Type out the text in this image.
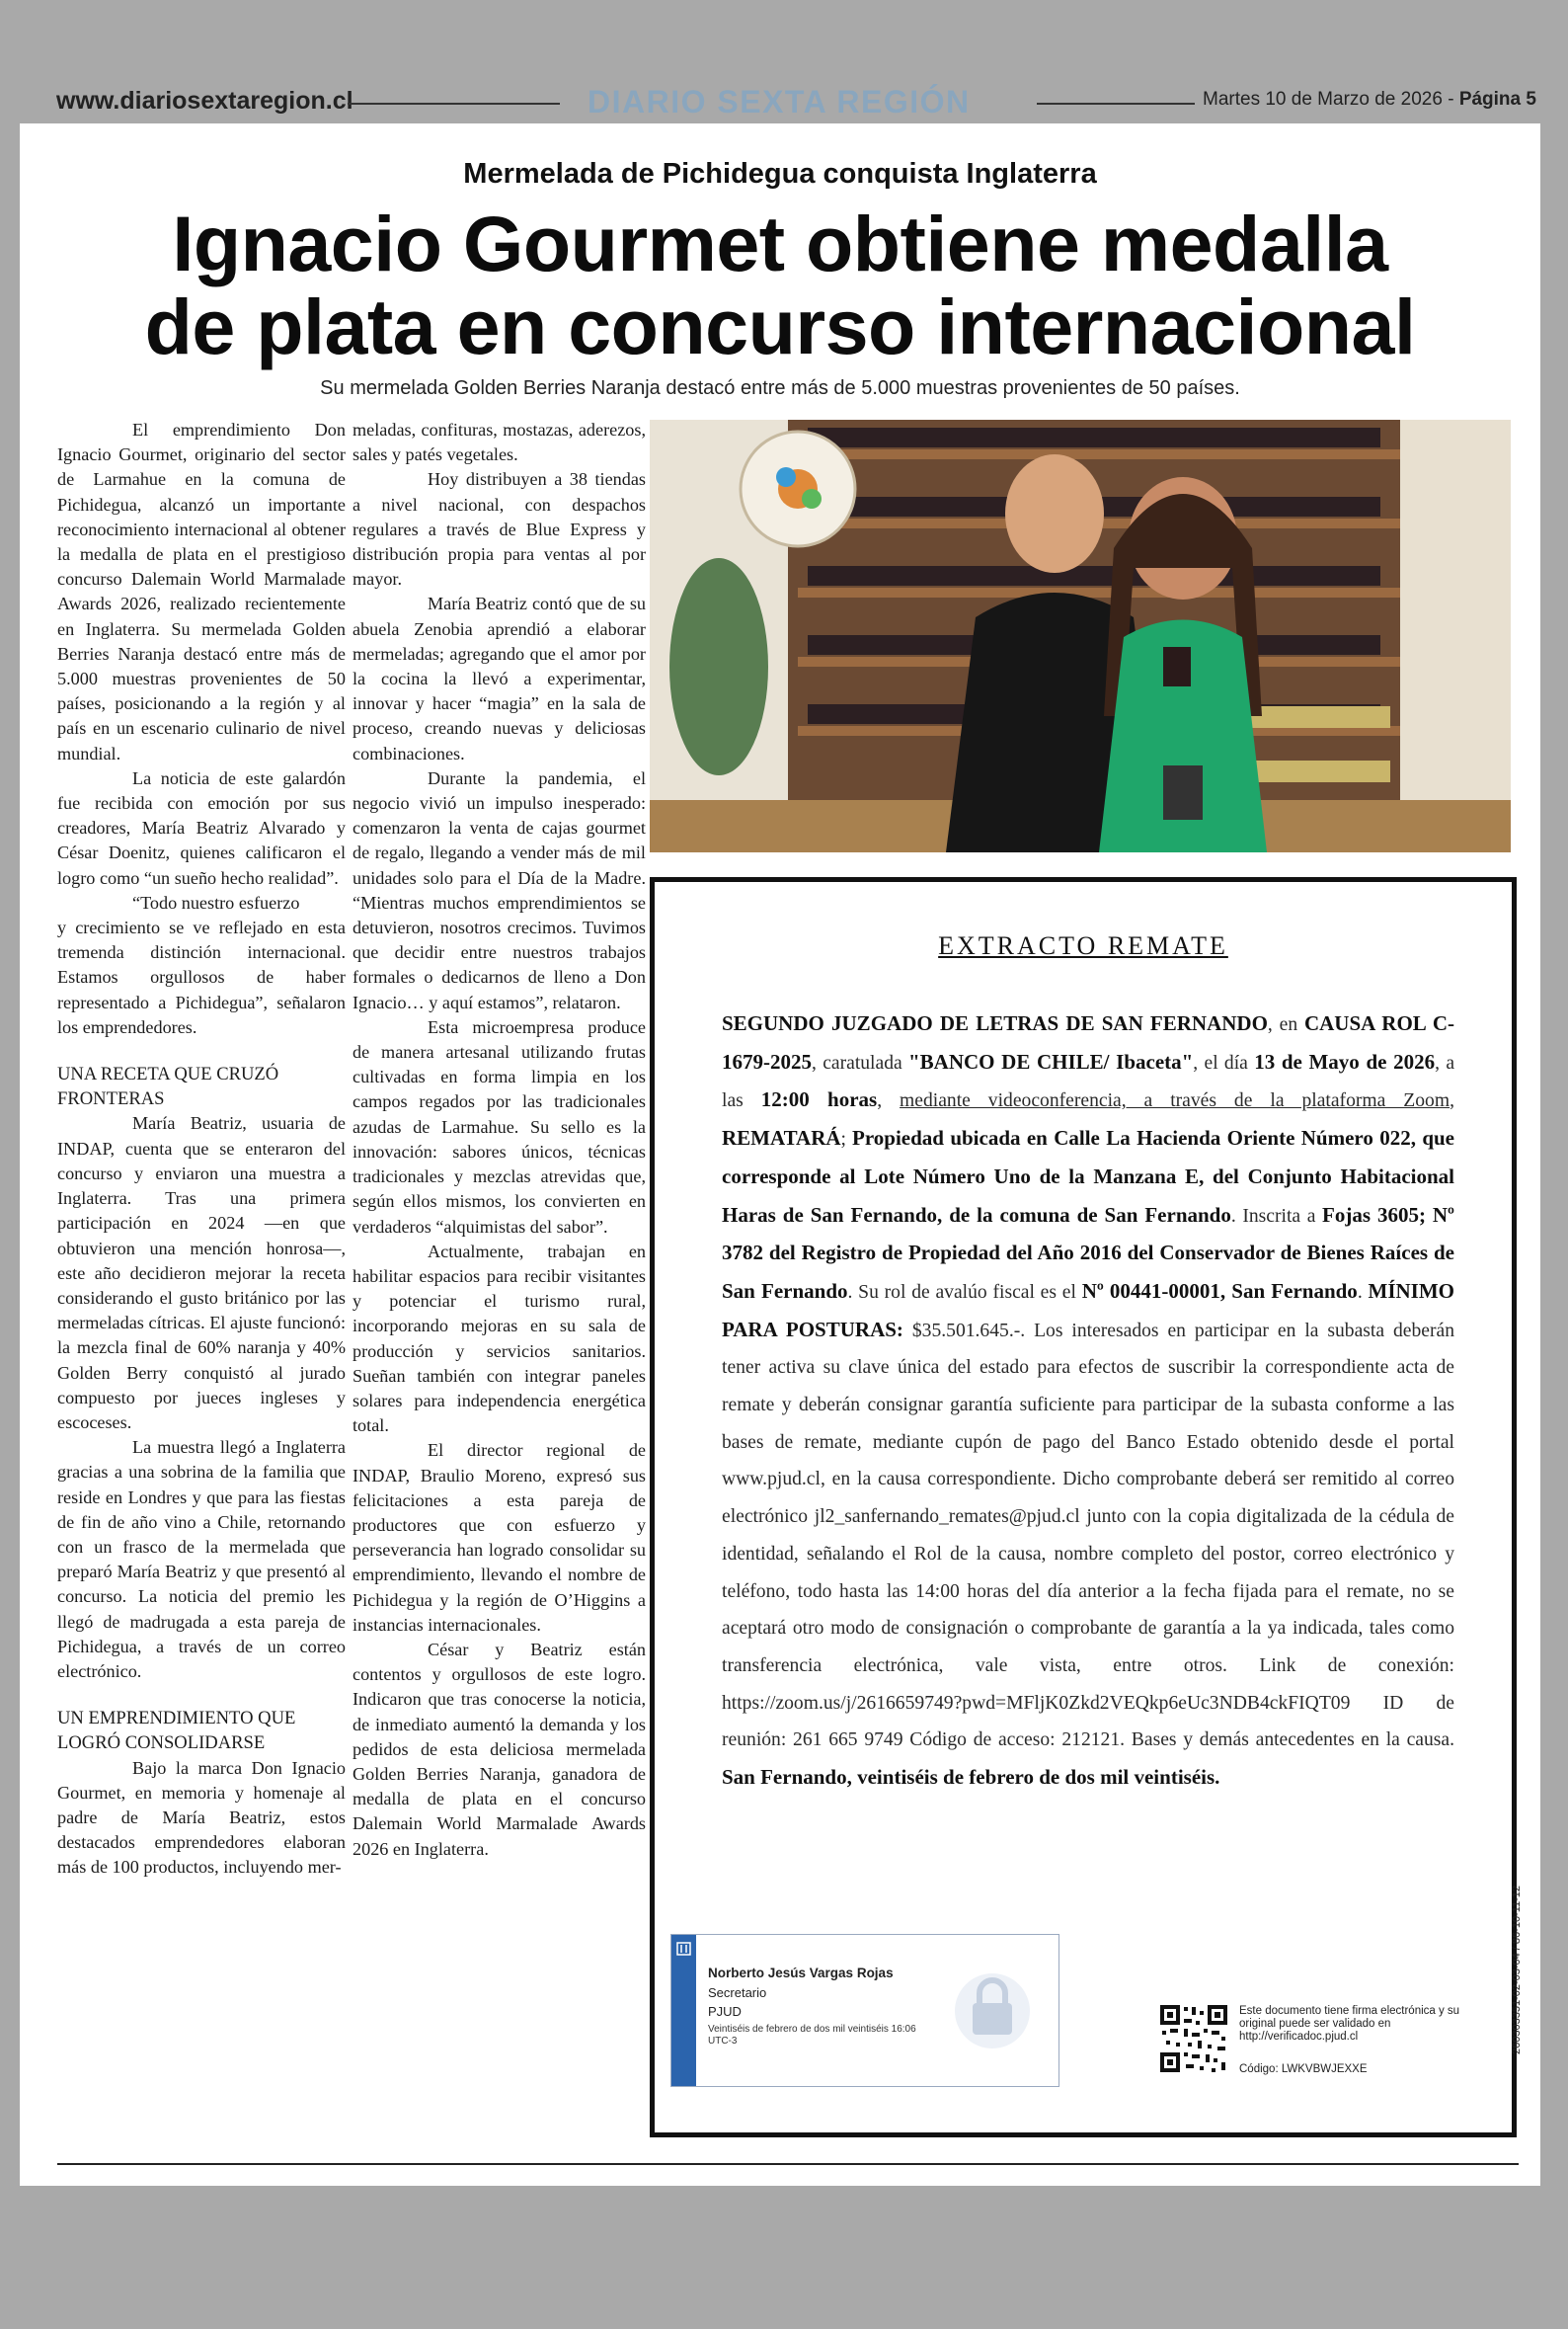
www.diariosextaregion.cl	DIARIO SEXTA REGIÓN	Martes 10 de Marzo de 2026 - Página 5
Mermelada de Pichidegua conquista Inglaterra
Ignacio Gourmet obtiene medalla
de plata en concurso internacional
Su mermelada Golden Berries Naranja destacó entre más de 5.000 muestras provenientes de 50 países.

El emprendimiento Don Ignacio Gourmet, originario del sector de Larmahue en la comuna de Pichidegua, alcanzó un importante reconocimiento internacional al obtener la medalla de plata en el prestigioso concurso Dalemain World Marmalade Awards 2026, realizado recientemente en Inglaterra. Su mermelada Golden Berries Naranja destacó entre más de 5.000 muestras provenientes de 50 países, posicionando a la región y al país en un escenario culinario de nivel mundial.

La noticia de este galardón fue recibida con emoción por sus creadores, María Beatriz Alvarado y César Doenitz, quienes calificaron el logro como “un sueño hecho realidad”.

“Todo nuestro esfuerzo

y crecimiento se ve reflejado en esta tremenda distinción internacional. Estamos orgullosos de haber representado a Pichidegua”, señalaron los emprendedores.

UNA RECETA QUE CRUZÓ FRONTERAS

María Beatriz, usuaria de INDAP, cuenta que se enteraron del concurso y enviaron una muestra a Inglaterra. Tras una primera participación en 2024 —en que obtuvieron una mención honrosa—, este año decidieron mejorar la receta considerando el gusto británico por las mermeladas cítricas. El ajuste funcionó: la mezcla final de 60% naranja y 40% Golden Berry conquistó al jurado compuesto por jueces ingleses y escoceses.

La muestra llegó a Inglaterra gracias a una sobrina de la familia que reside en Londres y que para las fiestas de fin de año vino a Chile, retornando con un frasco de la mermelada que preparó María Beatriz y que presentó al concurso. La noticia del premio les llegó de madrugada a esta pareja de Pichidegua, a través de un correo electrónico.

UN EMPRENDIMIENTO QUE LOGRÓ CONSOLIDARSE

Bajo la marca Don Ignacio Gourmet, en memoria y homenaje al padre de María Beatriz, estos destacados emprendedores elaboran más de 100 productos, incluyendo mer-

meladas, confituras, mostazas, aderezos, sales y patés vegetales.

Hoy distribuyen a 38 tiendas a nivel nacional, con despachos regulares a través de Blue Express y distribución propia para ventas al por mayor.

María Beatriz contó que de su abuela Zenobia aprendió a elaborar mermeladas; agregando que el amor por la cocina la llevó a experimentar, innovar y hacer “magia” en la sala de proceso, creando nuevas y deliciosas combinaciones.

Durante la pandemia, el negocio vivió un impulso inesperado: comenzaron la venta de cajas gourmet de regalo, llegando a vender más de mil unidades solo para el Día de la Madre. “Mientras muchos emprendimientos se detuvieron, nosotros crecimos. Tuvimos que decidir entre nuestros trabajos formales o dedicarnos de lleno a Don Ignacio… y aquí estamos”, relataron.

Esta microempresa produce de manera artesanal utilizando frutas cultivadas en forma limpia en los campos regados por las tradicionales azudas de Larmahue. Su sello es la innovación: sabores únicos, técnicas tradicionales y mezclas atrevidas que, según ellos mismos, los convierten en verdaderos “alquimistas del sabor”.

Actualmente, trabajan en habilitar espacios para recibir visitantes y potenciar el turismo rural, incorporando mejoras en su sala de producción y servicios sanitarios. Sueñan también con integrar paneles solares para independencia energética total.

El director regional de INDAP, Braulio Moreno, expresó sus felicitaciones a esta pareja de productores que con esfuerzo y perseverancia han logrado consolidar su emprendimiento, llevando el nombre de Pichidegua y la región de O’Higgins a instancias internacionales.

César y Beatriz están contentos y orgullosos de este logro. Indicaron que tras conocerse la noticia, de inmediato aumentó la demanda y los pedidos de esta deliciosa mermelada Golden Berries Naranja, ganadora de medalla de plata en el concurso Dalemain World Marmalade Awards 2026 en Inglaterra.

EXTRACTO REMATE
SEGUNDO JUZGADO DE LETRAS DE SAN FERNANDO, en CAUSA ROL C-1679-2025, caratulada "BANCO DE CHILE/ Ibaceta", el día 13 de Mayo de 2026, a las 12:00 horas, mediante videoconferencia, a través de la plataforma Zoom, REMATARÁ; Propiedad ubicada en Calle La Hacienda Oriente Número 022, que corresponde al Lote Número Uno de la Manzana E, del Conjunto Habitacional Haras de San Fernando, de la comuna de San Fernando. Inscrita a Fojas 3605; Nº 3782 del Registro de Propiedad del Año 2016 del Conservador de Bienes Raíces de San Fernando. Su rol de avalúo fiscal es el Nº 00441-00001, San Fernando. MÍNIMO PARA POSTURAS: $35.501.645.-. Los interesados en participar en la subasta deberán tener activa su clave única del estado para efectos de suscribir la correspondiente acta de remate y deberán consignar garantía suficiente para participar de la subasta conforme a las bases de remate, mediante cupón de pago del Banco Estado obtenido desde el portal www.pjud.cl, en la causa correspondiente. Dicho comprobante deberá ser remitido al correo electrónico jl2_sanfernando_remates@pjud.cl junto con la copia digitalizada de la cédula de identidad, señalando el Rol de la causa, nombre completo del postor, correo electrónico y teléfono, todo hasta las 14:00 horas del día anterior a la fecha fijada para el remate, no se aceptará otro modo de consignación o comprobante de garantía a la ya indicada, tales como transferencia electrónica, vale vista, entre otros. Link de conexión: https://zoom.us/j/2616659749?pwd=MFljK0Zkd2VEQkp6eUc3NDB4ckFIQT09 ID de reunión: 261 665 9749 Código de acceso: 212121. Bases y demás antecedentes en la causa. San Fernando, veintiséis de febrero de dos mil veintiséis.
Norberto Jesús Vargas Rojas
Secretario
PJUD
Veintiséis de febrero de dos mil veintiséis 16:06 UTC-3
Este documento tiene firma electrónica y su original puede ser validado en http://verificadoc.pjud.cl
Código: LWKVBWJEXXE
260303351-02-03-04 / 86-10-11-12
